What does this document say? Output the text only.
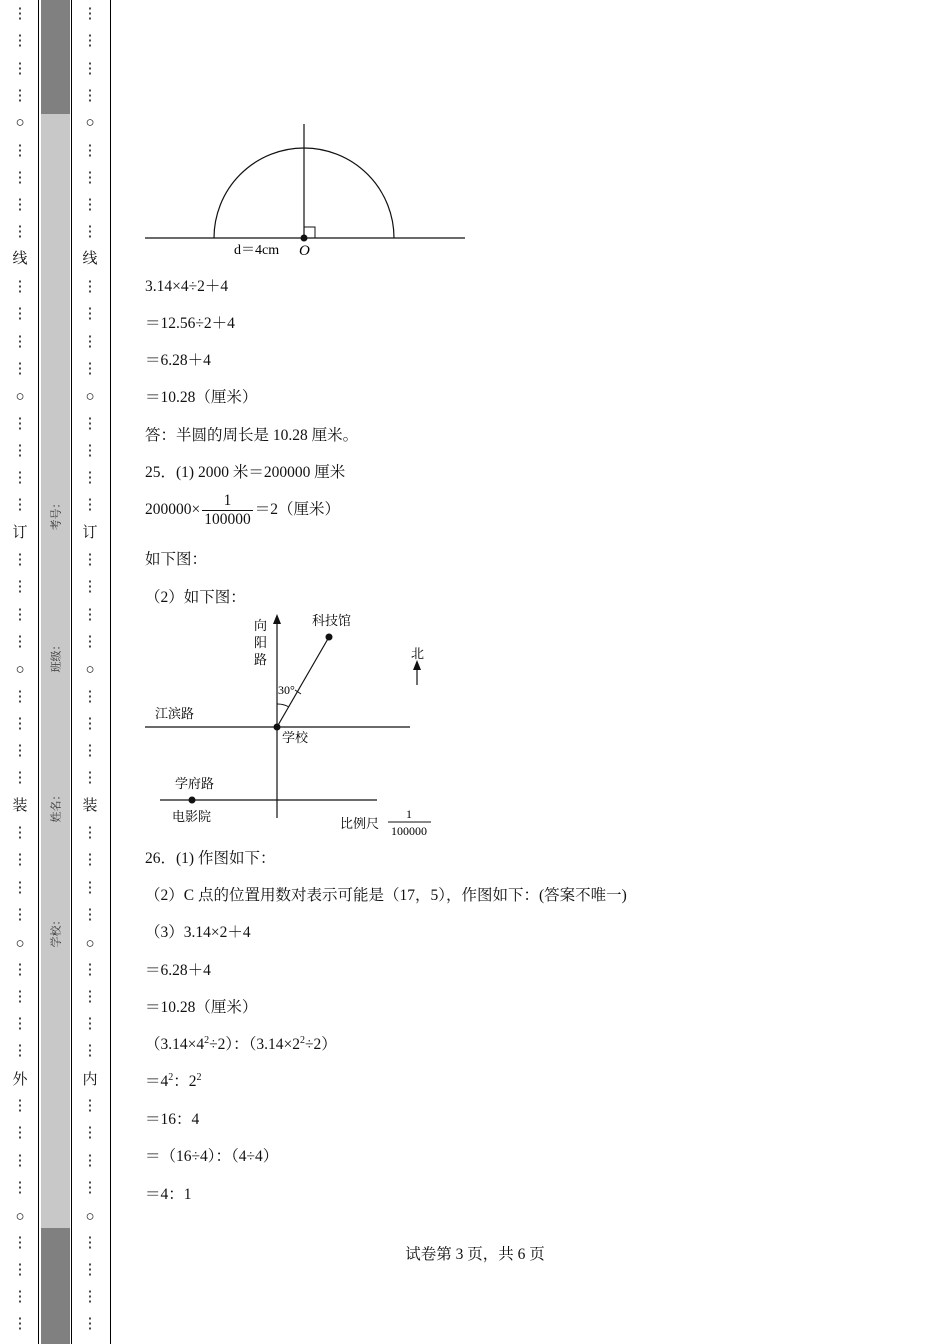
○
○
○
○
○
线
订
装
外
⋮
⋮
⋮
⋮
⋮
⋮
⋮
⋮
⋮
⋮
⋮
⋮
⋮
⋮
⋮
⋮
⋮
⋮
⋮
⋮
⋮
⋮
⋮
⋮
⋮
⋮
⋮
⋮
⋮
⋮
⋮
⋮
⋮
⋮
⋮
⋮
⋮
⋮
⋮
⋮
考号：
班级：
姓名：
学校：
○
○
○
○
○
线
订
装
内
⋮
⋮
⋮
⋮
⋮
⋮
⋮
⋮
⋮
⋮
⋮
⋮
⋮
⋮
⋮
⋮
⋮
⋮
⋮
⋮
⋮
⋮
⋮
⋮
⋮
⋮
⋮
⋮
⋮
⋮
⋮
⋮
⋮
⋮
⋮
⋮
⋮
⋮
⋮
⋮
d＝4cm O
3.14×4÷2＋4
＝12.56÷2＋4
＝6.28＋4
＝10.28（厘米）
答：半圆的周长是 10.28 厘米。
25．(1) 2000 米＝200000 厘米
$200000\times \frac{1}{100000} =2$（厘米）
如下图：
（2）如下图：
北
向
阳
路
科技馆
30°
江滨路
学校
学府路
电影院	比例尺
1
100000
26．(1) 作图如下：
（2）C 点的位置用数对表示可能是（17，5），作图如下：(答案不唯一)
（3）3.14×2＋4
＝6.28＋4
＝10.28（厘米）
$(3.14\times 4^2\div 2)$：$(3.14\times 2^2\div 2)$
$=4^2$：$2^2$
＝16：4
＝（16÷4）：（4÷4）
＝4：1
试卷第 3 页，共 6 页
